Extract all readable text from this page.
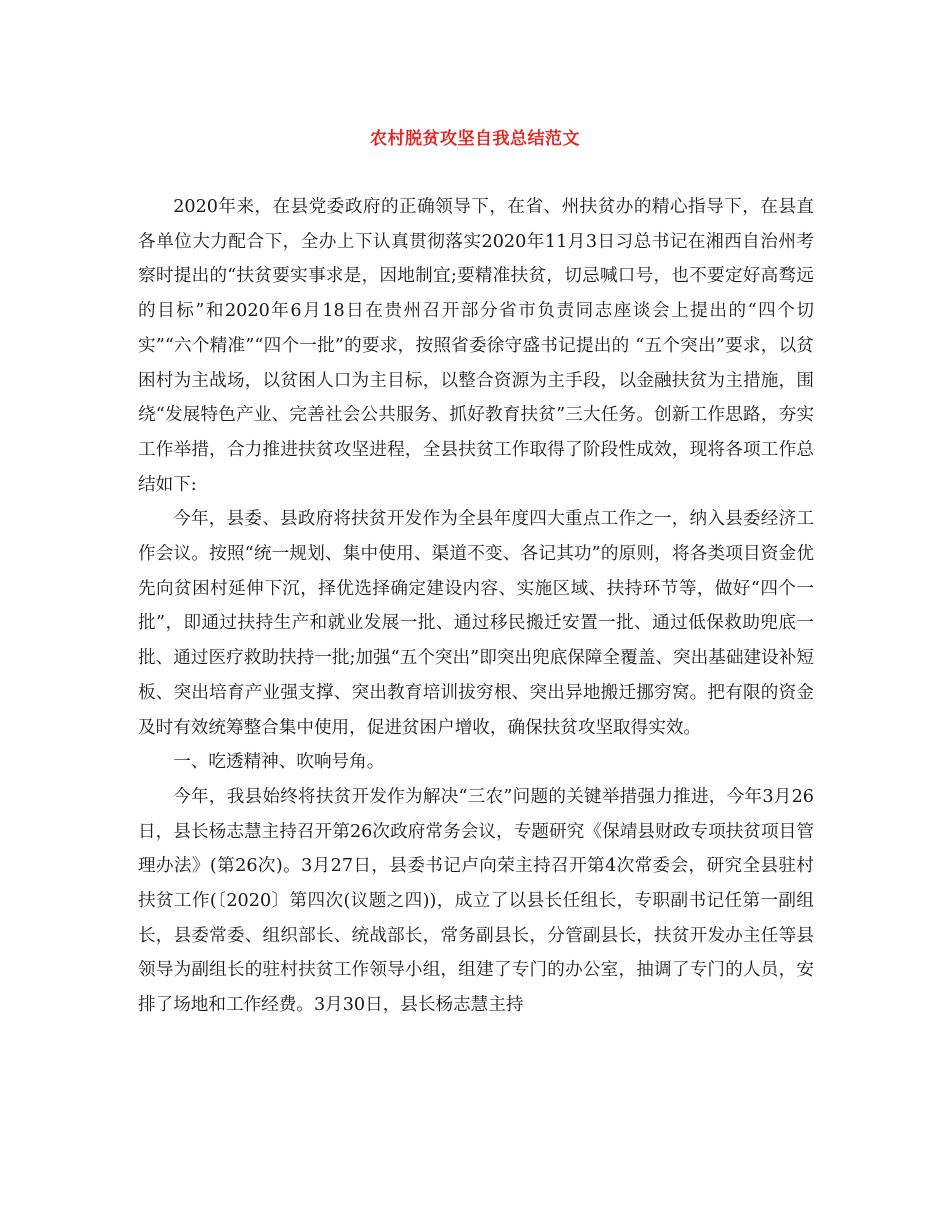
农村脱贫攻坚自我总结范文

2020年来，在县党委政府的正确领导下，在省、州扶贫办的精心指导下，在县直各单位大力配合下，全办上下认真贯彻落实2020年11月3日习总书记在湘西自治州考察时提出的“扶贫要实事求是，因地制宜;要精准扶贫，切忌喊口号，也不要定好高骛远的目标”和2020年6月18日在贵州召开部分省市负责同志座谈会上提出的“四个切实”“六个精准”“四个一批”的要求，按照省委徐守盛书记提出的 “五个突出”要求，以贫困村为主战场，以贫困人口为主目标，以整合资源为主手段，以金融扶贫为主措施，围绕“发展特色产业、完善社会公共服务、抓好教育扶贫”三大任务。创新工作思路，夯实工作举措，合力推进扶贫攻坚进程，全县扶贫工作取得了阶段性成效，现将各项工作总结如下:

今年，县委、县政府将扶贫开发作为全县年度四大重点工作之一，纳入县委经济工作会议。按照“统一规划、集中使用、渠道不变、各记其功”的原则，将各类项目资金优先向贫困村延伸下沉，择优选择确定建设内容、实施区域、扶持环节等，做好“四个一批”，即通过扶持生产和就业发展一批、通过移民搬迁安置一批、通过低保救助兜底一批、通过医疗救助扶持一批;加强“五个突出”即突出兜底保障全覆盖、突出基础建设补短板、突出培育产业强支撑、突出教育培训拔穷根、突出异地搬迁挪穷窝。把有限的资金及时有效统筹整合集中使用，促进贫困户增收，确保扶贫攻坚取得实效。

一、吃透精神、吹响号角。

今年，我县始终将扶贫开发作为解决“三农”问题的关键举措强力推进，今年3月26日，县长杨志慧主持召开第26次政府常务会议，专题研究《保靖县财政专项扶贫项目管理办法》(第26次)。3月27日，县委书记卢向荣主持召开第4次常委会，研究全县驻村扶贫工作(〔2020〕第四次(议题之四))，成立了以县长任组长，专职副书记任第一副组长，县委常委、组织部长、统战部长，常务副县长，分管副县长，扶贫开发办主任等县领导为副组长的驻村扶贫工作领导小组，组建了专门的办公室，抽调了专门的人员，安排了场地和工作经费。3月30日，县长杨志慧主持
